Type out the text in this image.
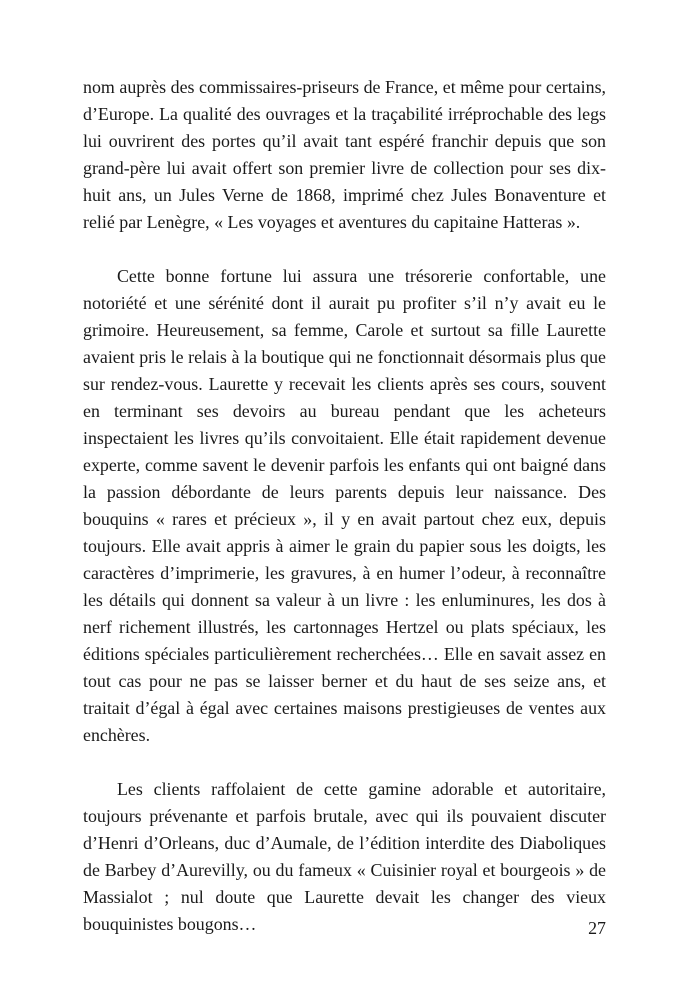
nom auprès des commissaires-priseurs de France, et même pour certains, d’Europe. La qualité des ouvrages et la traçabilité irréprochable des legs lui ouvrirent des portes qu’il avait tant espéré franchir depuis que son grand-père lui avait offert son premier livre de collection pour ses dix-huit ans, un Jules Verne de 1868, imprimé chez Jules Bonaventure et relié par Lenègre, « Les voyages et aventures du capitaine Hatteras ».

Cette bonne fortune lui assura une trésorerie confortable, une notoriété et une sérénité dont il aurait pu profiter s’il n’y avait eu le grimoire. Heureusement, sa femme, Carole et surtout sa fille Laurette avaient pris le relais à la boutique qui ne fonctionnait désormais plus que sur rendez-vous. Laurette y recevait les clients après ses cours, souvent en terminant ses devoirs au bureau pendant que les acheteurs inspectaient les livres qu’ils convoitaient. Elle était rapidement devenue experte, comme savent le devenir parfois les enfants qui ont baigné dans la passion débordante de leurs parents depuis leur naissance. Des bouquins « rares et précieux », il y en avait partout chez eux, depuis toujours. Elle avait appris à aimer le grain du papier sous les doigts, les caractères d’imprimerie, les gravures, à en humer l’odeur, à reconnaître les détails qui donnent sa valeur à un livre : les enluminures, les dos à nerf richement illustrés, les cartonnages Hertzel ou plats spéciaux, les éditions spéciales particulièrement recherchées… Elle en savait assez en tout cas pour ne pas se laisser berner et du haut de ses seize ans, et traitait d’égal à égal avec certaines maisons prestigieuses de ventes aux enchères.

Les clients raffolaient de cette gamine adorable et autoritaire, toujours prévenante et parfois brutale, avec qui ils pouvaient discuter d’Henri d’Orleans, duc d’Aumale, de l’édition interdite des Diaboliques de Barbey d’Aurevilly, ou du fameux « Cuisinier royal et bourgeois » de Massialot ; nul doute que Laurette devait les changer des vieux bouquinistes bougons…	27
